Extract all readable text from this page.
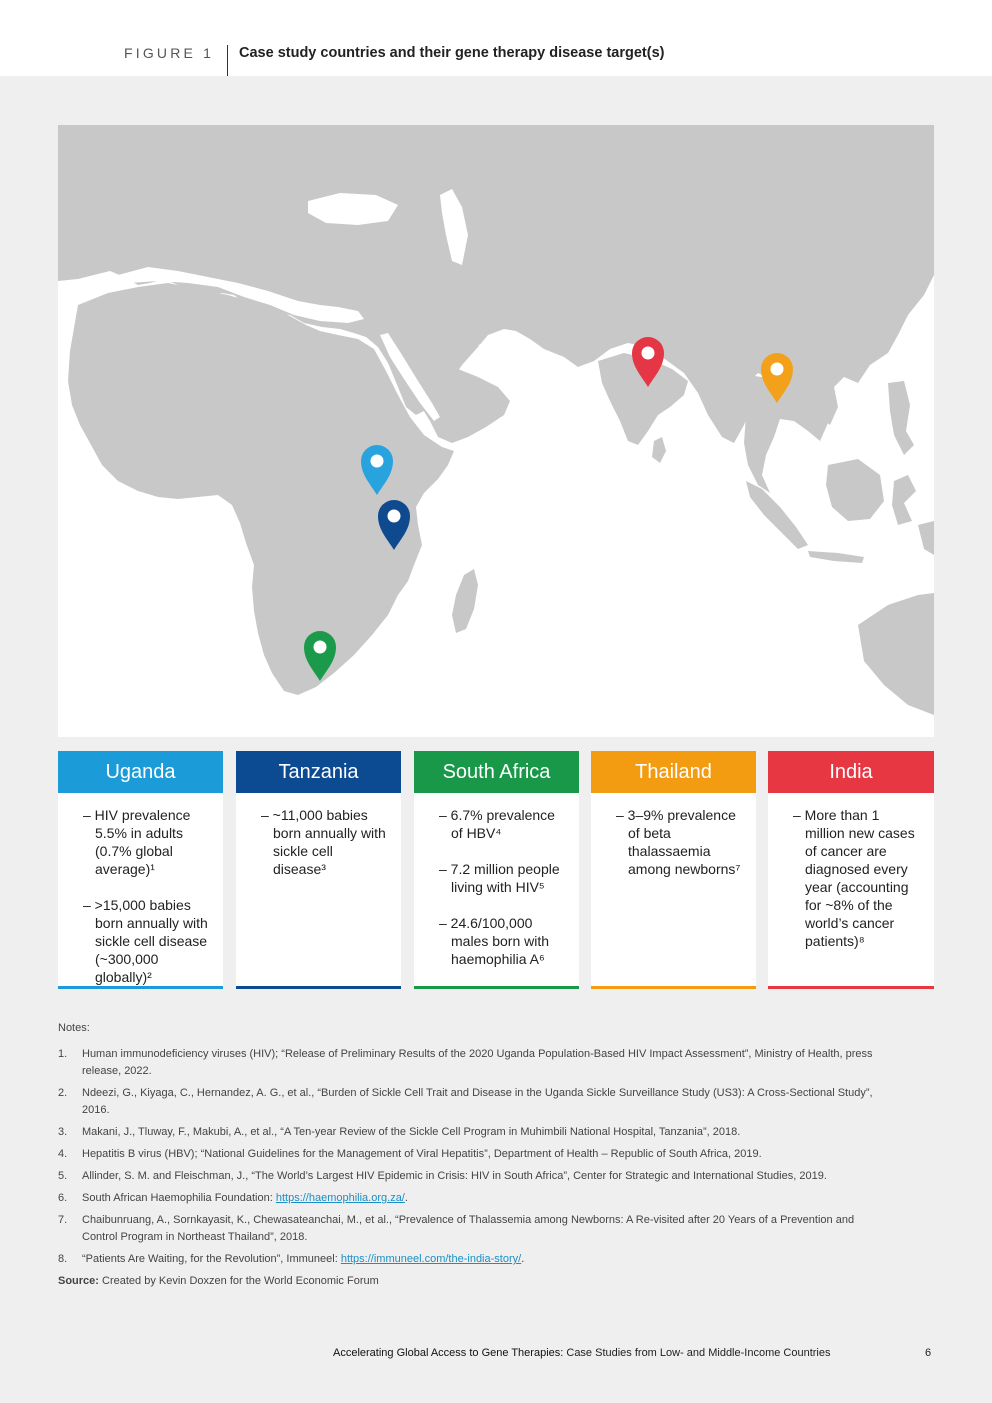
FIGURE 1 Case study countries and their gene therapy disease target(s)
Uganda
– HIV prevalence 5.5% in adults (0.7% global average)¹
– >15,000 babies born annually with sickle cell disease (~300,000 globally)²
Tanzania
– ~11,000 babies born annually with sickle cell disease³
South Africa
– 6.7% prevalence of HBV⁴
– 7.2 million people living with HIV⁵
– 24.6/100,000 males born with haemophilia A⁶
Thailand
– 3–9% prevalence of beta thalassaemia among newborns⁷
India
– More than 1 million new cases of cancer are diagnosed every year (accounting for ~8% of the world’s cancer patients)⁸
Notes:
1. Human immunodeficiency viruses (HIV); “Release of Preliminary Results of the 2020 Uganda Population-Based HIV Impact Assessment”, Ministry of Health, press release, 2022.
2. Ndeezi, G., Kiyaga, C., Hernandez, A. G., et al., “Burden of Sickle Cell Trait and Disease in the Uganda Sickle Surveillance Study (US3): A Cross-Sectional Study”, 2016.
3. Makani, J., Tluway, F., Makubi, A., et al., “A Ten-year Review of the Sickle Cell Program in Muhimbili National Hospital, Tanzania”, 2018.
4. Hepatitis B virus (HBV); “National Guidelines for the Management of Viral Hepatitis”, Department of Health – Republic of South Africa, 2019.
5. Allinder, S. M. and Fleischman, J., “The World’s Largest HIV Epidemic in Crisis: HIV in South Africa”, Center for Strategic and International Studies, 2019.
6. South African Haemophilia Foundation: https://haemophilia.org.za/.
7. Chaibunruang, A., Sornkayasit, K., Chewasateanchai, M., et al., “Prevalence of Thalassemia among Newborns: A Re-visited after 20 Years of a Prevention and Control Program in Northeast Thailand”, 2018.
8. “Patients Are Waiting, for the Revolution”, Immuneel: https://immuneel.com/the-india-story/.
Source: Created by Kevin Doxzen for the World Economic Forum
Accelerating Global Access to Gene Therapies: Case Studies from Low- and Middle-Income Countries	6
